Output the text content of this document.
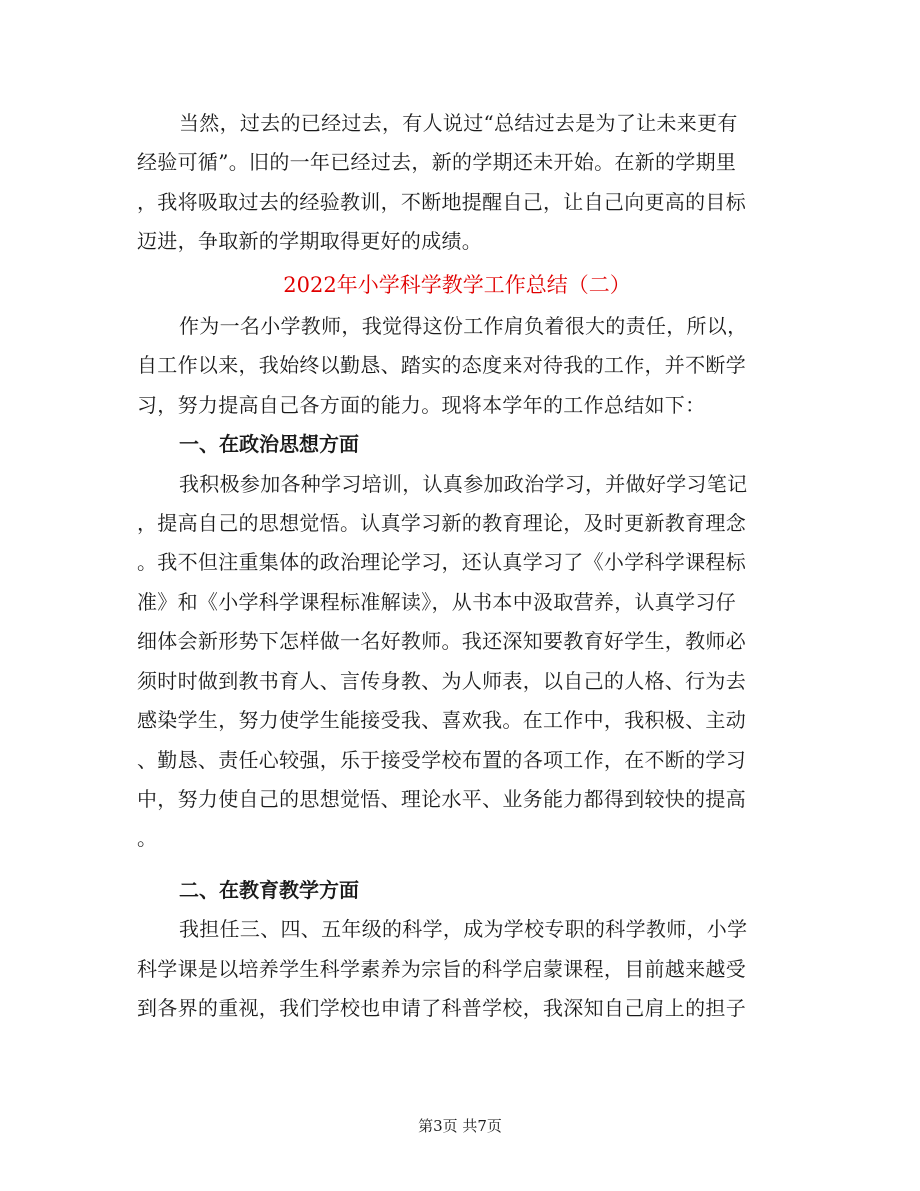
当然，过去的已经过去，有人说过“总结过去是为了让未来更有
经验可循”。旧的一年已经过去，新的学期还未开始。在新的学期里
，我将吸取过去的经验教训，不断地提醒自己，让自己向更高的目标
迈进，争取新的学期取得更好的成绩。
2022年小学科学教学工作总结（二）
作为一名小学教师，我觉得这份工作肩负着很大的责任，所以，
自工作以来，我始终以勤恳、踏实的态度来对待我的工作，并不断学
习，努力提高自己各方面的能力。现将本学年的工作总结如下：
一、在政治思想方面
我积极参加各种学习培训，认真参加政治学习，并做好学习笔记
，提高自己的思想觉悟。认真学习新的教育理论，及时更新教育理念
。我不但注重集体的政治理论学习，还认真学习了《小学科学课程标
准》和《小学科学课程标准解读》，从书本中汲取营养，认真学习仔
细体会新形势下怎样做一名好教师。我还深知要教育好学生，教师必
须时时做到教书育人、言传身教、为人师表，以自己的人格、行为去
感染学生，努力使学生能接受我、喜欢我。在工作中，我积极、主动
、勤恳、责任心较强，乐于接受学校布置的各项工作，在不断的学习
中，努力使自己的思想觉悟、理论水平、业务能力都得到较快的提高
。
二、在教育教学方面
我担任三、四、五年级的科学，成为学校专职的科学教师，小学
科学课是以培养学生科学素养为宗旨的科学启蒙课程，目前越来越受
到各界的重视，我们学校也申请了科普学校，我深知自己肩上的担子
第3页 共7页
